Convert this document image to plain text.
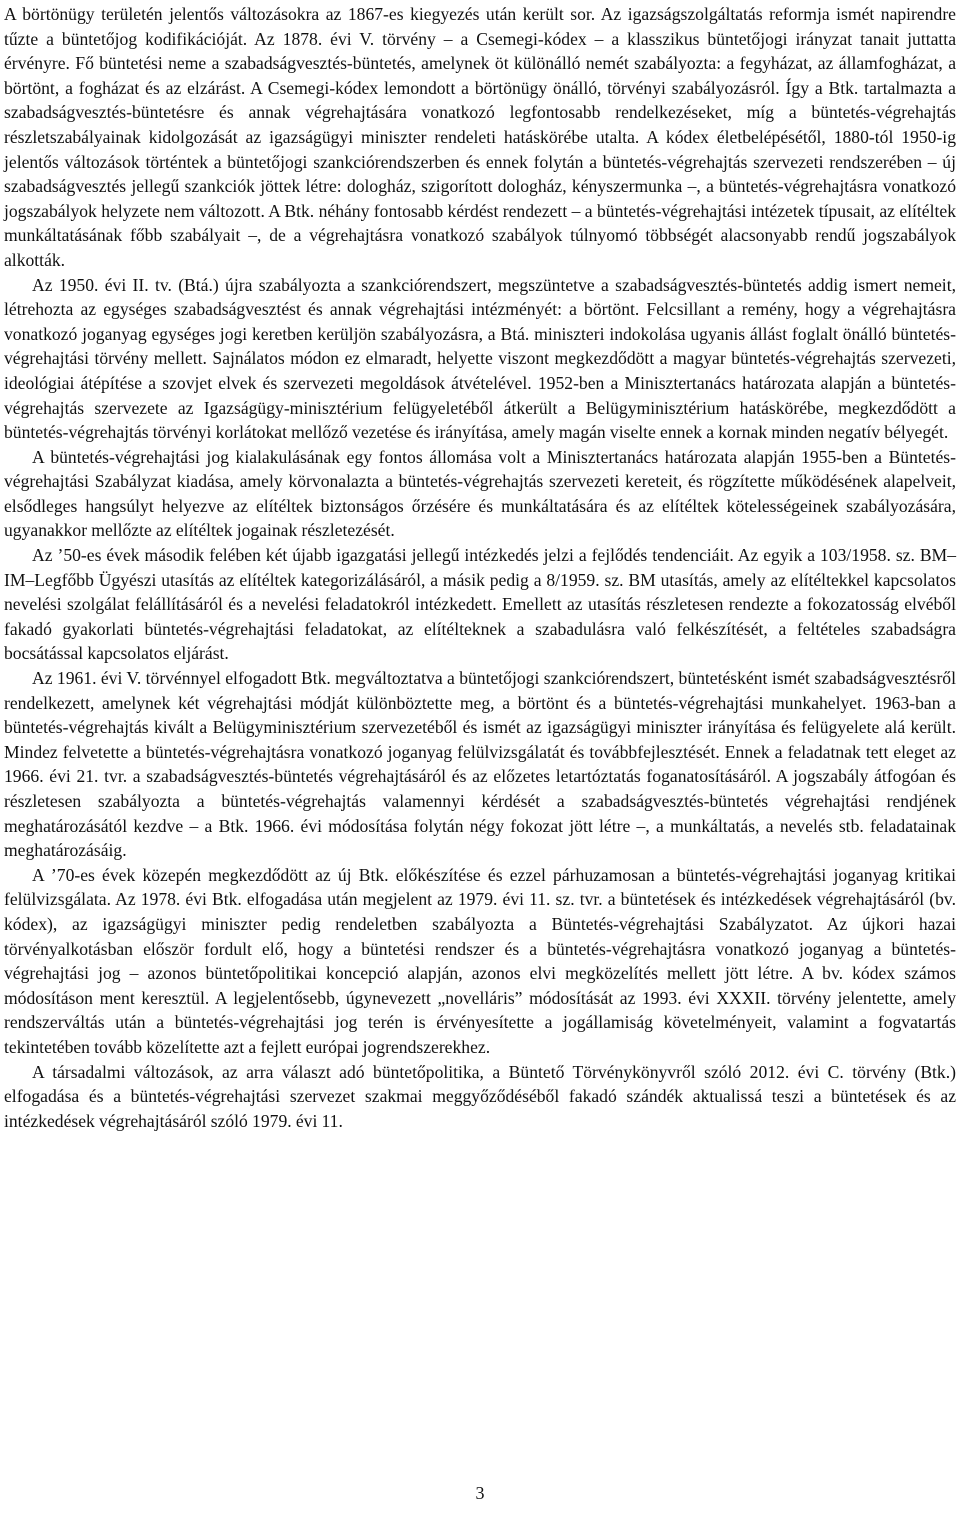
A börtönügy területén jelentős változásokra az 1867-es kiegyezés után került sor. Az igazságszolgáltatás reformja ismét napirendre tűzte a büntetőjog kodifikációját. Az 1878. évi V. törvény ‒ a Csemegi-kódex ‒ a klasszikus büntetőjogi irányzat tanait juttatta érvényre. Fő büntetési neme a szabadságvesztés-büntetés, amelynek öt különálló nemét szabályozta: a fegyházat, az államfogházat, a börtönt, a fogházat és az elzárást. A Csemegi-kódex lemondott a börtönügy önálló, törvényi szabályozásról. Így a Btk. tartalmazta a szabadságvesztés-büntetésre és annak végrehajtására vonatkozó legfontosabb rendelkezéseket, míg a büntetés-végrehajtás részletszabályainak kidolgozását az igazságügyi miniszter rendeleti hatáskörébe utalta. A kódex életbelépésétől, 1880-tól 1950-ig jelentős változások történtek a büntetőjogi szankciórendszerben és ennek folytán a büntetés-végrehajtás szervezeti rendszerében ‒ új szabadságvesztés jellegű szankciók jöttek létre: dologház, szigorított dologház, kényszermunka ‒, a büntetés-végrehajtásra vonatkozó jogszabályok helyzete nem változott. A Btk. néhány fontosabb kérdést rendezett ‒ a büntetés-végrehajtási intézetek típusait, az elítéltek munkáltatásának főbb szabályait ‒, de a végrehajtásra vonatkozó szabályok túlnyomó többségét alacsonyabb rendű jogszabályok alkották.

Az 1950. évi II. tv. (Btá.) újra szabályozta a szankciórendszert, megszüntetve a szabadságvesztés-büntetés addig ismert nemeit, létrehozta az egységes szabadságvesztést és annak végrehajtási intézményét: a börtönt. Felcsillant a remény, hogy a végrehajtásra vonatkozó joganyag egységes jogi keretben kerüljön szabályozásra, a Btá. miniszteri indokolása ugyanis állást foglalt önálló büntetés-végrehajtási törvény mellett. Sajnálatos módon ez elmaradt, helyette viszont megkezdődött a magyar büntetés-végrehajtás szervezeti, ideológiai átépítése a szovjet elvek és szervezeti megoldások átvételével. 1952-ben a Minisztertanács határozata alapján a büntetés-végrehajtás szervezete az Igazságügy-minisztérium felügyeletéből átkerült a Belügyminisztérium hatáskörébe, megkezdődött a büntetés-végrehajtás törvényi korlátokat mellőző vezetése és irányítása, amely magán viselte ennek a kornak minden negatív bélyegét.

A büntetés-végrehajtási jog kialakulásának egy fontos állomása volt a Minisztertanács határozata alapján 1955-ben a Büntetés-végrehajtási Szabályzat kiadása, amely körvonalazta a büntetés-végrehajtás szervezeti kereteit, és rögzítette működésének alapelveit, elsődleges hangsúlyt helyezve az elítéltek biztonságos őrzésére és munkáltatására és az elítéltek kötelességeinek szabályozására, ugyanakkor mellőzte az elítéltek jogainak részletezését.

Az ’50-es évek második felében két újabb igazgatási jellegű intézkedés jelzi a fejlődés tendenciáit. Az egyik a 103/1958. sz. BM‒IM‒Legfőbb Ügyészi utasítás az elítéltek kategorizálásáról, a másik pedig a 8/1959. sz. BM utasítás, amely az elítéltekkel kapcsolatos nevelési szolgálat felállításáról és a nevelési feladatokról intézkedett. Emellett az utasítás részletesen rendezte a fokozatosság elvéből fakadó gyakorlati büntetés-végrehajtási feladatokat, az elítélteknek a szabadulásra való felkészítését, a feltételes szabadságra bocsátással kapcsolatos eljárást.

Az 1961. évi V. törvénnyel elfogadott Btk. megváltoztatva a büntetőjogi szankciórendszert, büntetésként ismét szabadságvesztésről rendelkezett, amelynek két végrehajtási módját különböztette meg, a börtönt és a büntetés-végrehajtási munkahelyet. 1963-ban a büntetés-végrehajtás kivált a Belügyminisztérium szervezetéből és ismét az igazságügyi miniszter irányítása és felügyelete alá került. Mindez felvetette a büntetés-végrehajtásra vonatkozó joganyag felülvizsgálatát és továbbfejlesztését. Ennek a feladatnak tett eleget az 1966. évi 21. tvr. a szabadságvesztés-büntetés végrehajtásáról és az előzetes letartóztatás foganatosításáról. A jogszabály átfogóan és részletesen szabályozta a büntetés-végrehajtás valamennyi kérdését a szabadságvesztés-büntetés végrehajtási rendjének meghatározásától kezdve ‒ a Btk. 1966. évi módosítása folytán négy fokozat jött létre ‒, a munkáltatás, a nevelés stb. feladatainak meghatározásáig.

A ’70-es évek közepén megkezdődött az új Btk. előkészítése és ezzel párhuzamosan a büntetés-végrehajtási joganyag kritikai felülvizsgálata. Az 1978. évi Btk. elfogadása után megjelent az 1979. évi 11. sz. tvr. a büntetések és intézkedések végrehajtásáról (bv. kódex), az igazságügyi miniszter pedig rendeletben szabályozta a Büntetés-végrehajtási Szabályzatot. Az újkori hazai törvényalkotásban először fordult elő, hogy a büntetési rendszer és a büntetés-végrehajtásra vonatkozó joganyag a büntetés-végrehajtási jog ‒ azonos büntetőpolitikai koncepció alapján, azonos elvi megközelítés mellett jött létre. A bv. kódex számos módosításon ment keresztül. A legjelentősebb, úgynevezett „novelláris” módosítását az 1993. évi XXXII. törvény jelentette, amely rendszerváltás után a büntetés-végrehajtási jog terén is érvényesítette a jogállamiság követelményeit, valamint a fogvatartás tekintetében tovább közelítette azt a fejlett európai jogrendszerekhez.

A társadalmi változások, az arra választ adó büntetőpolitika, a Büntető Törvénykönyvről szóló 2012. évi C. törvény (Btk.) elfogadása és a büntetés-végrehajtási szervezet szakmai meggyőződéséből fakadó szándék aktualissá teszi a büntetések és az intézkedések végrehajtásáról szóló 1979. évi 11.

3
